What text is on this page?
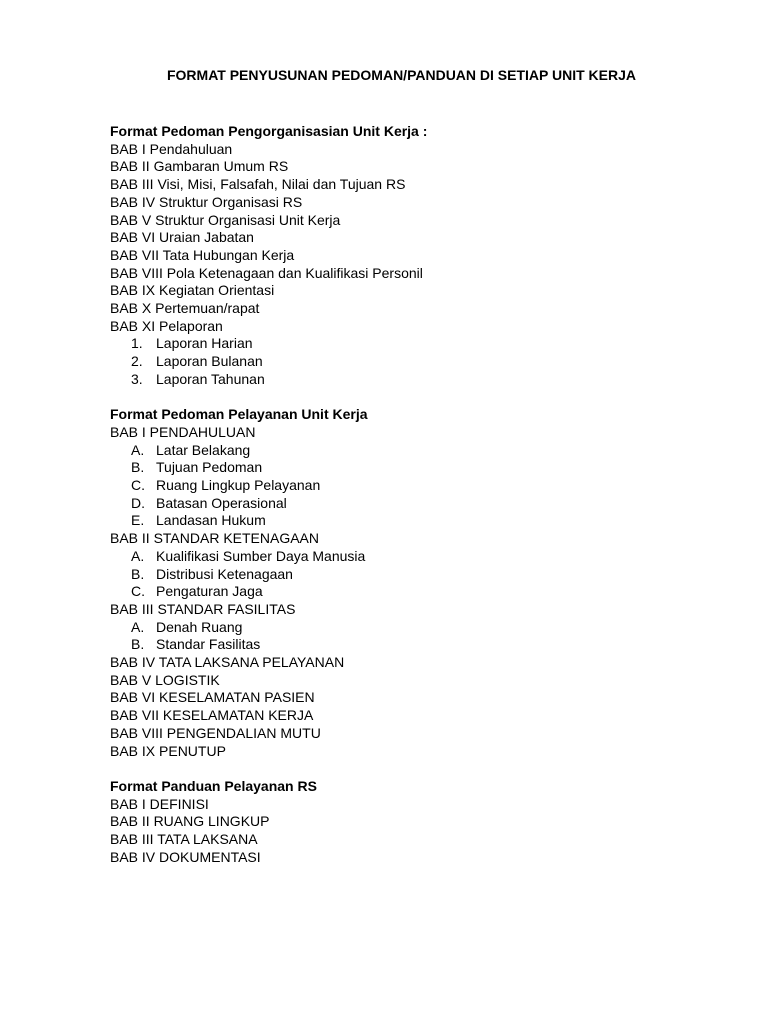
FORMAT PENYUSUNAN PEDOMAN/PANDUAN DI SETIAP UNIT KERJA
Format Pedoman Pengorganisasian Unit Kerja :
BAB I Pendahuluan
BAB II Gambaran Umum RS
BAB III Visi, Misi, Falsafah, Nilai dan Tujuan RS
BAB IV Struktur Organisasi RS
BAB V Struktur Organisasi Unit Kerja
BAB VI Uraian Jabatan
BAB VII Tata Hubungan Kerja
BAB VIII Pola Ketenagaan dan Kualifikasi Personil
BAB IX Kegiatan Orientasi
BAB X Pertemuan/rapat
BAB XI Pelaporan
1. Laporan Harian
2. Laporan Bulanan
3. Laporan Tahunan
Format Pedoman Pelayanan Unit Kerja
BAB I PENDAHULUAN
A. Latar Belakang
B. Tujuan Pedoman
C. Ruang Lingkup Pelayanan
D. Batasan Operasional
E. Landasan Hukum
BAB II STANDAR KETENAGAAN
A. Kualifikasi Sumber Daya Manusia
B. Distribusi Ketenagaan
C. Pengaturan Jaga
BAB III STANDAR FASILITAS
A. Denah Ruang
B. Standar Fasilitas
BAB IV TATA LAKSANA PELAYANAN
BAB V LOGISTIK
BAB VI KESELAMATAN PASIEN
BAB VII KESELAMATAN KERJA
BAB VIII PENGENDALIAN MUTU
BAB IX PENUTUP
Format Panduan Pelayanan RS
BAB I DEFINISI
BAB II RUANG LINGKUP
BAB III TATA LAKSANA
BAB IV DOKUMENTASI
